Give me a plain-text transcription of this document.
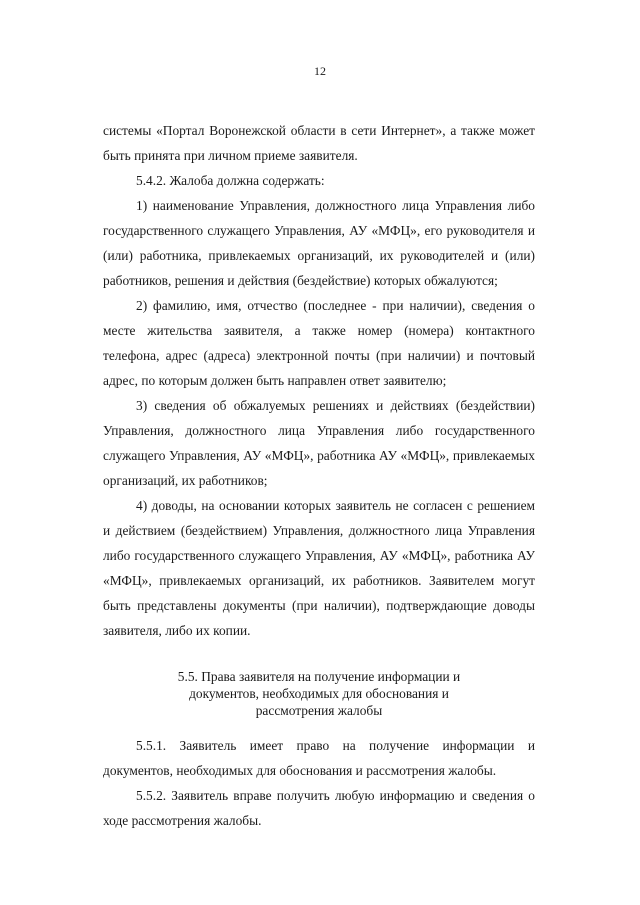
12

системы «Портал Воронежской области в сети Интернет», а также может быть принята при личном приеме заявителя.

5.4.2. Жалоба должна содержать:

1) наименование Управления, должностного лица Управления либо государственного служащего Управления, АУ «МФЦ», его руководителя и (или) работника, привлекаемых организаций, их руководителей и (или) работников, решения и действия (бездействие) которых обжалуются;

2) фамилию, имя, отчество (последнее - при наличии), сведения о месте жительства заявителя, а также номер (номера) контактного телефона, адрес (адреса) электронной почты (при наличии) и почтовый адрес, по которым должен быть направлен ответ заявителю;

3) сведения об обжалуемых решениях и действиях (бездействии) Управления, должностного лица Управления либо государственного служащего Управления, АУ «МФЦ», работника АУ «МФЦ», привлекаемых организаций, их работников;

4) доводы, на основании которых заявитель не согласен с решением и действием (бездействием) Управления, должностного лица Управления либо государственного служащего Управления, АУ «МФЦ», работника АУ «МФЦ», привлекаемых организаций, их работников. Заявителем могут быть представлены документы (при наличии), подтверждающие доводы заявителя, либо их копии.

5.5. Права заявителя на получение информации и документов, необходимых для обоснования и рассмотрения жалобы

5.5.1. Заявитель имеет право на получение информации и документов, необходимых для обоснования и рассмотрения жалобы.

5.5.2. Заявитель вправе получить любую информацию и сведения о ходе рассмотрения жалобы.
